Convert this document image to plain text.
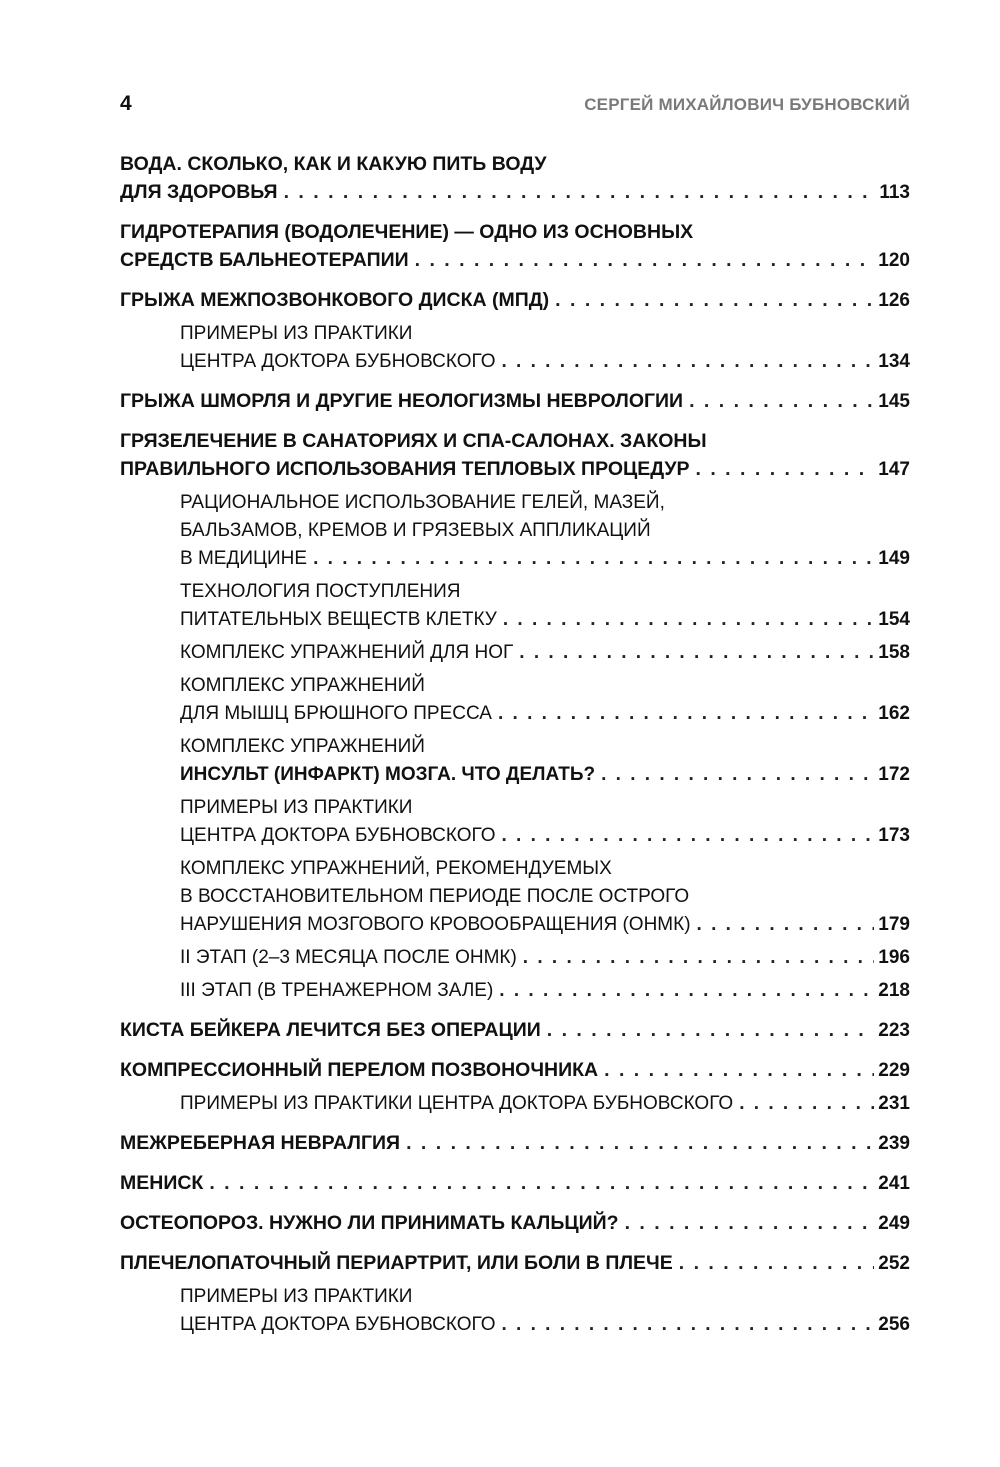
4	СЕРГЕЙ МИХАЙЛОВИЧ БУБНОВСКИЙ
ВОДА. СКОЛЬКО, КАК И КАКУЮ ПИТЬ ВОДУ
ДЛЯ ЗДОРОВЬЯ . . .	113
ГИДРОТЕРАПИЯ (ВОДОЛЕЧЕНИЕ) — ОДНО ИЗ ОСНОВНЫХ
СРЕДСТВ БАЛЬНЕОТЕРАПИИ . . .	120
ГРЫЖА МЕЖПОЗВОНКОВОГО ДИСКА (МПД) . . .	126
ПРИМЕРЫ ИЗ ПРАКТИКИ
ЦЕНТРА ДОКТОРА БУБНОВСКОГО . . .	134
ГРЫЖА ШМОРЛЯ И ДРУГИЕ НЕОЛОГИЗМЫ НЕВРОЛОГИИ . . .	145
ГРЯЗЕЛЕЧЕНИЕ В САНАТОРИЯХ И СПА-САЛОНАХ. ЗАКОНЫ
ПРАВИЛЬНОГО ИСПОЛЬЗОВАНИЯ ТЕПЛОВЫХ ПРОЦЕДУР . . .	147
РАЦИОНАЛЬНОЕ ИСПОЛЬЗОВАНИЕ ГЕЛЕЙ, МАЗЕЙ,
БАЛЬЗАМОВ, КРЕМОВ И ГРЯЗЕВЫХ АППЛИКАЦИЙ
В МЕДИЦИНЕ . . .	149
ТЕХНОЛОГИЯ ПОСТУПЛЕНИЯ
ПИТАТЕЛЬНЫХ ВЕЩЕСТВ КЛЕТКУ . . .	154
КОМПЛЕКС УПРАЖНЕНИЙ ДЛЯ НОГ . . .	158
КОМПЛЕКС УПРАЖНЕНИЙ
ДЛЯ МЫШЦ БРЮШНОГО ПРЕССА . . .	162
КОМПЛЕКС УПРАЖНЕНИЙ
ИНСУЛЬТ (ИНФАРКТ) МОЗГА. ЧТО ДЕЛАТЬ? . . .	172
ПРИМЕРЫ ИЗ ПРАКТИКИ
ЦЕНТРА ДОКТОРА БУБНОВСКОГО . . .	173
КОМПЛЕКС УПРАЖНЕНИЙ, РЕКОМЕНДУЕМЫХ
В ВОССТАНОВИТЕЛЬНОМ ПЕРИОДЕ ПОСЛЕ ОСТРОГО
НАРУШЕНИЯ МОЗГОВОГО КРОВООБРАЩЕНИЯ (ОНМК) . . .	179
II ЭТАП (2–3 МЕСЯЦА ПОСЛЕ ОНМК) . . .	196
III ЭТАП (В ТРЕНАЖЕРНОМ ЗАЛЕ) . . .	218
КИСТА БЕЙКЕРА ЛЕЧИТСЯ БЕЗ ОПЕРАЦИИ . . .	223
КОМПРЕССИОННЫЙ ПЕРЕЛОМ ПОЗВОНОЧНИКА . . .	229
ПРИМЕРЫ ИЗ ПРАКТИКИ ЦЕНТРА ДОКТОРА БУБНОВСКОГО . . .	231
МЕЖРЕБЕРНАЯ НЕВРАЛГИЯ . . .	239
МЕНИСК . . .	241
ОСТЕОПОРОЗ. НУЖНО ЛИ ПРИНИМАТЬ КАЛЬЦИЙ? . . .	249
ПЛЕЧЕЛОПАТОЧНЫЙ ПЕРИАРТРИТ, ИЛИ БОЛИ В ПЛЕЧЕ . . .	252
ПРИМЕРЫ ИЗ ПРАКТИКИ
ЦЕНТРА ДОКТОРА БУБНОВСКОГО . . .	256
